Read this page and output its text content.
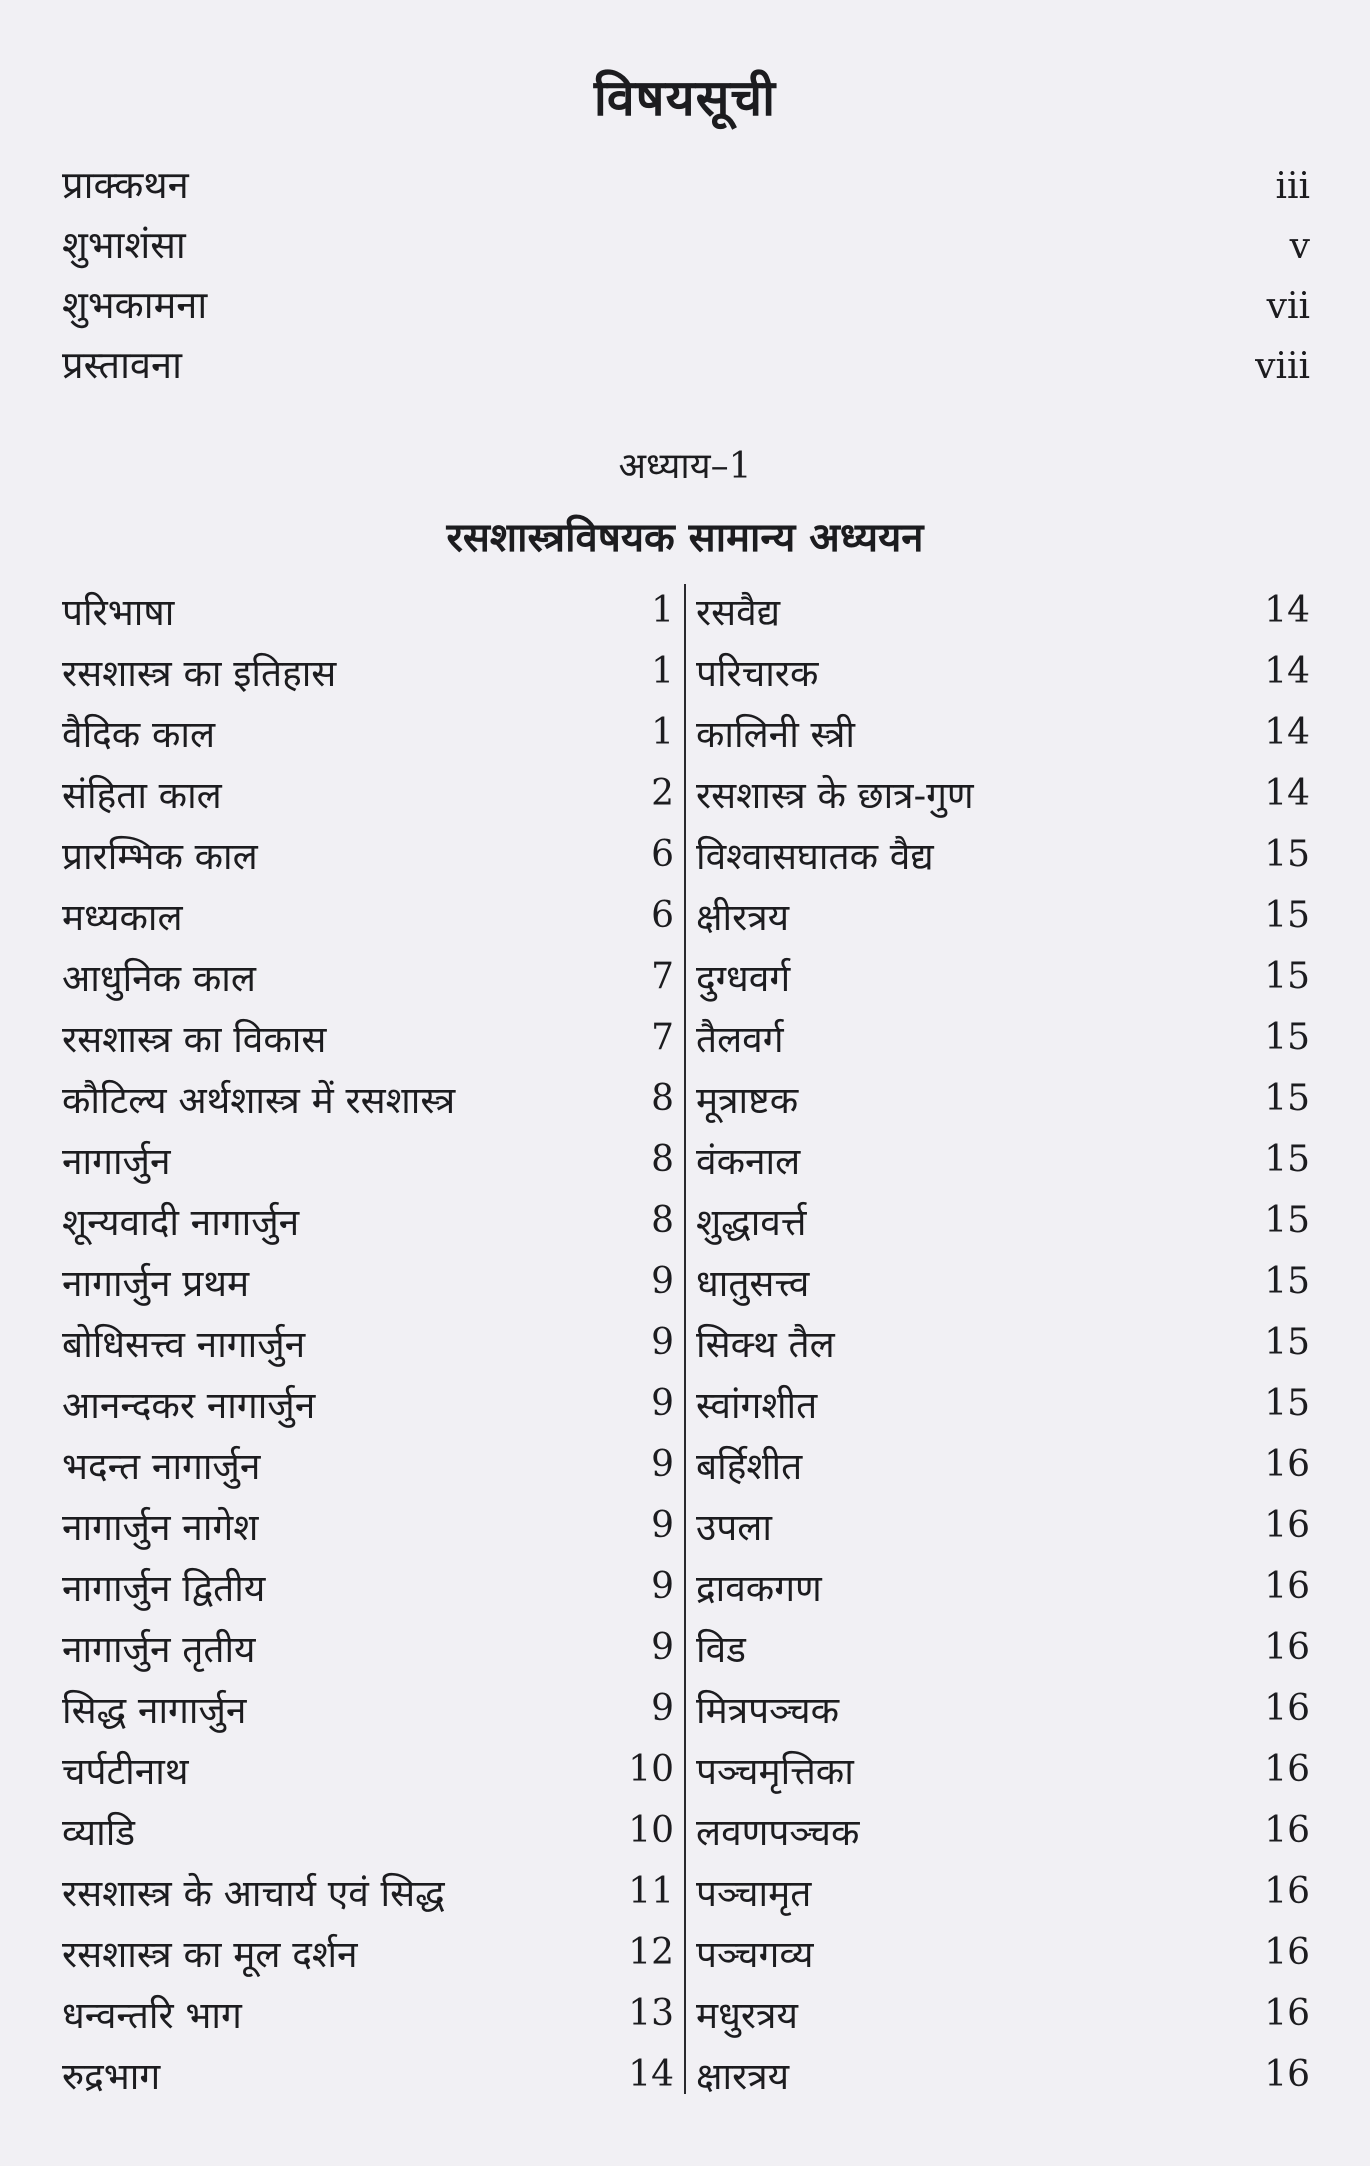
विषयसूची
प्राक्कथन	iii
शुभाशंसा	v
शुभकामना	vii
प्रस्तावना	viii
अध्याय–1
रसशास्त्रविषयक सामान्य अध्ययन
परिभाषा	1
रसशास्त्र का इतिहास	1
वैदिक काल	1
संहिता काल	2
प्रारम्भिक काल	6
मध्यकाल	6
आधुनिक काल	7
रसशास्त्र का विकास	7
कौटिल्य अर्थशास्त्र में रसशास्त्र	8
नागार्जुन	8
शून्यवादी नागार्जुन	8
नागार्जुन प्रथम	9
बोधिसत्त्व नागार्जुन	9
आनन्दकर नागार्जुन	9
भदन्त नागार्जुन	9
नागार्जुन नागेश	9
नागार्जुन द्वितीय	9
नागार्जुन तृतीय	9
सिद्ध नागार्जुन	9
चर्पटीनाथ	10
व्याडि	10
रसशास्त्र के आचार्य एवं सिद्ध	11
रसशास्त्र का मूल दर्शन	12
धन्वन्तरि भाग	13
रुद्रभाग	14
रसवैद्य	14
परिचारक	14
कालिनी स्त्री	14
रसशास्त्र के छात्र-गुण	14
विश्वासघातक वैद्य	15
क्षीरत्रय	15
दुग्धवर्ग	15
तैलवर्ग	15
मूत्राष्टक	15
वंकनाल	15
शुद्धावर्त्त	15
धातुसत्त्व	15
सिक्थ तैल	15
स्वांगशीत	15
बर्हिशीत	16
उपला	16
द्रावकगण	16
विड	16
मित्रपञ्चक	16
पञ्चमृत्तिका	16
लवणपञ्चक	16
पञ्चामृत	16
पञ्चगव्य	16
मधुरत्रय	16
क्षारत्रय	16
